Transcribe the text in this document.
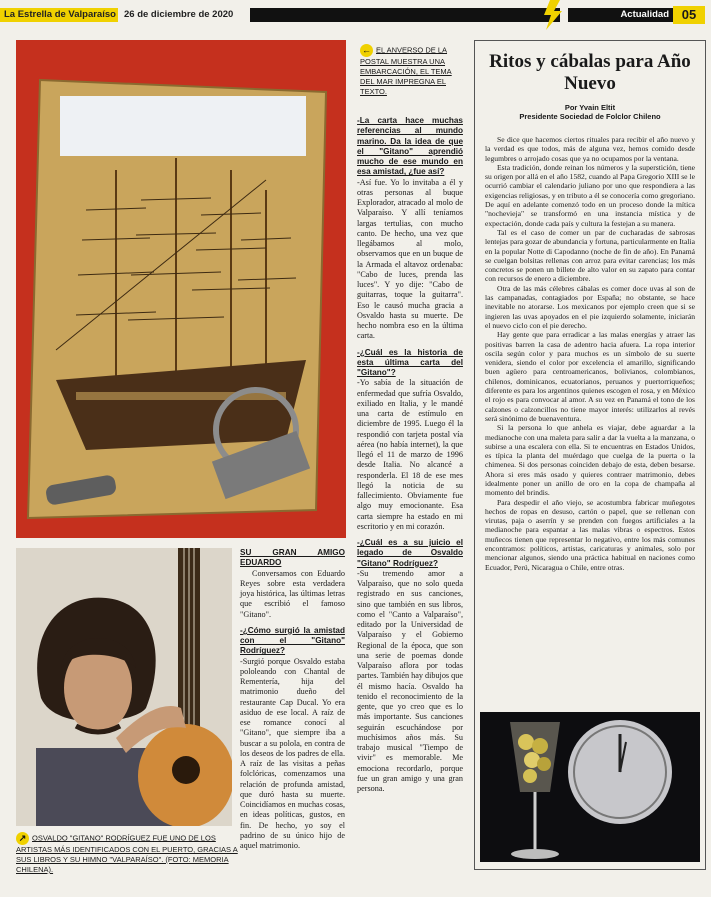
La Estrella de Valparaíso 26 de diciembre de 2020	Actualidad 05
← EL ANVERSO DE LA POSTAL MUESTRA UNA EMBARCACIÓN, EL TEMA DEL MAR IMPREGNA EL TEXTO.

-La carta hace muchas referencias al mundo marino. Da la idea de que el "Gitano" aprendió mucho de ese mundo en esa amistad, ¿fue así?

-Así fue. Yo lo invitaba a él y otras personas al buque Explorador, atracado al molo de Valparaíso. Y allí teníamos largas tertulias, con mucho canto. De hecho, una vez que llegábamos al molo, observamos que en un buque de la Armada el altavoz ordenaba: "Cabo de luces, prenda las luces". Y yo dije: "Cabo de guitarras, toque la guitarra". Eso le causó mucha gracia a Osvaldo hasta su muerte. De hecho nombra eso en la última carta.

-¿Cuál es la historia de esta última carta del "Gitano"?

-Yo sabía de la situación de enfermedad que sufría Osvaldo, exiliado en Italia, y le mandé una carta de estímulo en diciembre de 1995. Luego él la respondió con tarjeta postal vía aérea (no había internet), la que llegó el 11 de marzo de 1996 desde Italia. No alcancé a responderla. El 18 de ese mes llegó la noticia de su fallecimiento. Obviamente fue algo muy emocionante. Esa carta siempre ha estado en mi escritorio y en mi corazón.

-¿Cuál es a su juicio el legado de Osvaldo "Gitano" Rodríguez?

-Su tremendo amor a Valparaíso, que no solo queda registrado en sus canciones, sino que también en sus libros, como el "Canto a Valparaíso", editado por la Universidad de Valparaíso y el Gobierno Regional de la época, que son una serie de poemas donde Valparaíso aflora por todas partes. También hay dibujos que él mismo hacía. Osvaldo ha tenido el reconocimiento de la gente, que yo creo que es lo más importante. Sus canciones seguirán escuchándose por muchísimos años más. Su trabajo musical "Tiempo de vivir" es memorable. Me emociona recordarlo, porque fue un gran amigo y una gran persona.

SU GRAN AMIGO EDUARDO

Conversamos con Eduardo Reyes sobre esta verdadera joya histórica, las últimas letras que escribió el famoso "Gitano".

-¿Cómo surgió la amistad con el "Gitano" Rodríguez?

-Surgió porque Osvaldo estaba pololeando con Chantal de Rementería, hija del matrimonio dueño del restaurante Cap Ducal. Yo era asiduo de ese local. A raíz de ese romance conocí al "Gitano", que siempre iba a buscar a su polola, en contra de los deseos de los padres de ella. A raíz de las visitas a peñas folclóricas, comenzamos una relación de profunda amistad, que duró hasta su muerte. Coincidíamos en muchas cosas, en ideas políticas, gustos, en fin. De hecho, yo soy el padrino de su único hijo de aquel matrimonio.

↗ OSVALDO "GITANO" RODRÍGUEZ FUE UNO DE LOS ARTISTAS MÁS IDENTIFICADOS CON EL PUERTO, GRACIAS A SUS LIBROS Y SU HIMNO "VALPARAÍSO". (FOTO: MEMORIA CHILENA).
Ritos y cábalas para Año Nuevo
Por Yvain Eltit
Presidente Sociedad de Folclor Chileno

Se dice que hacemos ciertos rituales para recibir el año nuevo y la verdad es que todos, más de alguna vez, hemos comido desde legumbres o arrojado cosas que ya no ocupamos por la ventana.

Esta tradición, donde reinan los números y la superstición, tiene su origen por allá en el año 1582, cuando al Papa Gregorio XIII se le ocurrió cambiar el calendario juliano por uno que respondiera a las exigencias religiosas, y en tributo a él se conocería como gregoriano. De aquí en adelante comenzó todo en un proceso donde la mítica "nochevieja" se transformó en una instancia mística y de expectación, donde cada país y cultura la festejan a su manera.

Tal es el caso de comer un par de cucharadas de sabrosas lentejas para gozar de abundancia y fortuna, particularmente en Italia en la popular Notte di Capodanno (noche de fin de año). En Panamá se cuelgan bolsitas rellenas con arroz para evitar carencias; los más concretos se ponen un billete de alto valor en su zapato para contar con recursos de enero a diciembre.

Otra de las más célebres cábalas es comer doce uvas al son de las campanadas, contagiados por España; no obstante, se hace inevitable no atorarse. Los mexicanos por ejemplo creen que si se ingieren las uvas apoyados en el pie izquierdo solamente, iniciarán el nuevo ciclo con el pie derecho.

Hay gente que para erradicar a las malas energías y atraer las positivas barren la casa de adentro hacia afuera. La ropa interior oscila según color y para muchos es un símbolo de su suerte venidera, siendo el color por excelencia el amarillo, significando buen agüero para centroamericanos, bolivianos, colombianos, chilenos, dominicanos, ecuatorianos, peruanos y puertorriqueños; diferente es para los argentinos quienes escogen el rosa, y en México el rojo es para convocar al amor. A su vez en Panamá el tono de los calzones o calzoncillos no tiene mayor interés: utilizarlos al revés será sinónimo de buenaventura.

Si la persona lo que anhela es viajar, debe aguardar a la medianoche con una maleta para salir a dar la vuelta a la manzana, o subirse a una escalera con ella. Si te encuentras en Estados Unidos, es típica la planta del muérdago que cuelga de la puerta o la chimenea. Si dos personas coinciden debajo de esta, deben besarse. Ahora si eres más osado y quieres contraer matrimonio, debes idealmente poner un anillo de oro en la copa de champaña al momento del brindis.

Para despedir el año viejo, se acostumbra fabricar muñegotes hechos de ropas en desuso, cartón o papel, que se rellenan con virutas, paja o aserrín y se prenden con fuegos artificiales a la medianoche para espantar a las malas vibras o espectros. Estos muñecos tienen que representar lo negativo, entre los más comunes encontramos: políticos, artistas, caricaturas y animales, solo por mencionar algunos, siendo una práctica habitual en naciones como Ecuador, Perú, Nicaragua o Chile, entre otras.
